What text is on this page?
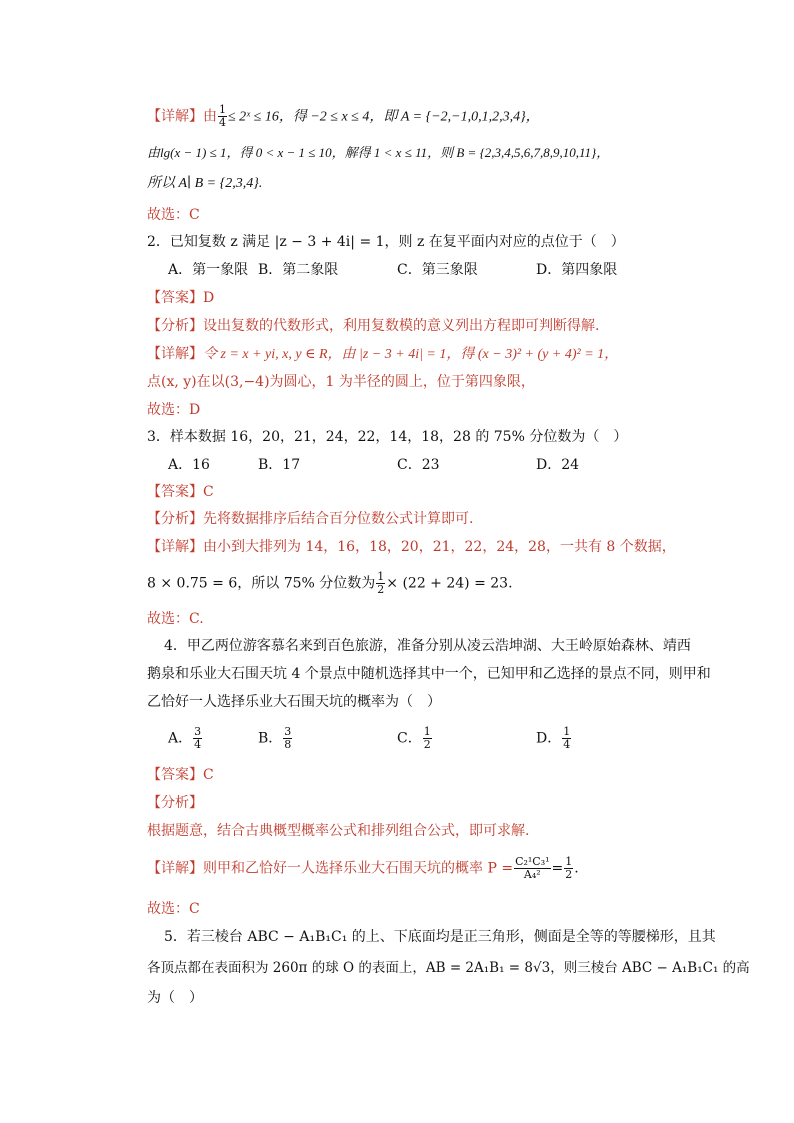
【详解】由 $\frac{1}{4}$ ≤ 2ˣ ≤ 16，得 −2 ≤ x ≤ 4，即 A = {−2,−1,0,1,2,3,4}，
由lg(x − 1) ≤ 1，得 0 < x − 1 ≤ 10，解得 1 < x ≤ 11，则 B = {2,3,4,5,6,7,8,9,10,11}，
所以 A∣ B = {2,3,4}.
故选：C
2．已知复数 z 满足 |z − 3 + 4i| = 1，则 z 在复平面内对应的点位于（　）
A．第一象限 B．第二象限	C．第三象限	D．第四象限
【答案】D
【分析】设出复数的代数形式，利用复数模的意义列出方程即可判断得解.
【详解】令 z = x + yi, x, y ∈ R，由 |z − 3 + 4i| = 1，得 (x − 3)² + (y + 4)² = 1，
点(x, y)在以(3,−4)为圆心，1 为半径的圆上，位于第四象限，
故选：D
3．样本数据 16，20，21，24，22，14，18，28 的 75% 分位数为（　）
A．16	B．17	C．23	D．24
【答案】C
【分析】先将数据排序后结合百分位数公式计算即可.
【详解】由小到大排列为 14，16，18，20，21，22，24，28，一共有 8 个数据，
8 × 0.75 = 6，所以 75% 分位数为 $\frac{1}{2} \times (22 + 24) = 23$.
故选：C.
4．甲乙两位游客慕名来到百色旅游，准备分别从凌云浩坤湖、大王岭原始森林、靖西
鹅泉和乐业大石围天坑 4 个景点中随机选择其中一个，已知甲和乙选择的景点不同，则甲和
乙恰好一人选择乐业大石围天坑的概率为（　）
A． $\frac{3}{4}$	B． $\frac{3}{8}$	C． $\frac{1}{2}$	D． $\frac{1}{4}$
【答案】C
【分析】
根据题意，结合古典概型概率公式和排列组合公式，即可求解.
【详解】则甲和乙恰好一人选择乐业大石围天坑的概率 $P = \frac{\text{C₂¹C₃¹}}{\text{A₄²}} = \frac{1}{2}$ .
故选：C
5．若三棱台 ABC − A₁B₁C₁ 的上、下底面均是正三角形，侧面是全等的等腰梯形，且其
各顶点都在表面积为 260π 的球 O 的表面上，AB = 2A₁B₁ = 8√3，则三棱台 ABC − A₁B₁C₁ 的高
为（　）
